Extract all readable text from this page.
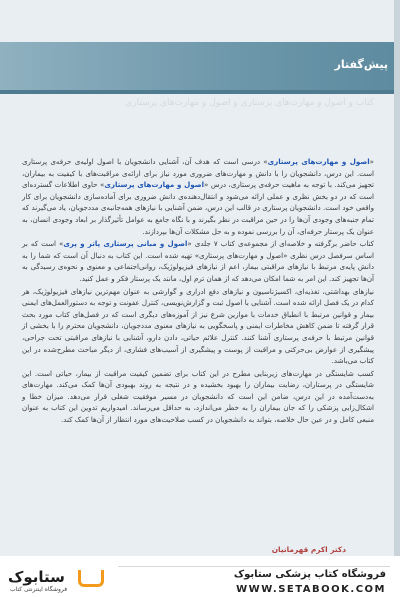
پیش‌گفتار
کتاب و اصول و مهارت‌های پرستاری و اصول و مهارت‌های پرستاری

«اصول و مهارت‌های پرستاری» درسی است که هدف آن، آشنایی دانشجویان با اصول اولیه‌ی حرفه‌ی پرستاری است. این درس، دانشجویان را با دانش و مهارت‌های ضروری مورد نیاز برای ارائه‌ی مراقبت‌های با کیفیت به بیماران، تجهیز می‌کند. با توجه به ماهیت حرفه‌ی پرستاری، درس «اصول و مهارت‌های پرستاری» حاوی اطلاعات گسترده‌ای است که در دو بخش نظری و عملی ارائه می‌شود و انتقال‌دهنده‌ی دانش ضروری برای آماده‌سازی دانشجویان برای کار واقعی خود است. دانشجویان پرستاری در قالب این درس، ضمن آشنایی با نیازهای همه‌جانبه‌ی مددجویان، یاد می‌گیرند که تمام جنبه‌های وجودی آن‌ها را در حین مراقبت در نظر بگیرند و با نگاه جامع به عوامل تأثیرگذار بر ابعاد وجودی انسان، به عنوان یک پرستار حرفه‌ای، آن را بررسی نموده و به حل مشکلات آن‌ها بپردازند.

کتاب حاضر برگرفته و خلاصه‌ای از مجموعه‌ی کتاب ۷ جلدی «اصول و مبانی پرستاری پاتر و پری» است که بر اساس سرفصل درس نظری «اصول و مهارت‌های پرستاری» تهیه شده است. این کتاب به دنبال آن است که شما را به دانش پایه‌ی مرتبط با نیازهای مراقبتی بیمار، اعم از نیازهای فیزیولوژیک، روانی‌اجتماعی و معنوی و نحوه‌ی رسیدگی به آن‌ها تجهیز کند. این امر به شما امکان می‌دهد که از همان ترم اول، مانند یک پرستار فکر و عمل کنید.

نیازهای بهداشتی، تغذیه‌ای، اکسیژناسیون و نیازهای دفع ادراری و گوارشی به عنوان مهم‌ترین نیازهای فیزیولوژیک، هر کدام در یک فصل ارائه شده است. آشنایی با اصول ثبت و گزارش‌نویسی، کنترل عفونت و توجه به دستورالعمل‌های ایمنی بیمار و قوانین مرتبط با انطباق خدمات با موازین شرع نیز از آموزه‌های دیگری است که در فصل‌های کتاب مورد بحث قرار گرفته تا ضمن کاهش مخاطرات ایمنی و پاسخگویی به نیازهای معنوی مددجویان، دانشجویان محترم را با بخشی از قوانین مرتبط با حرفه‌ی پرستاری آشنا کنند. کنترل علائم حیاتی، دادن دارو، آشنایی با نیازهای مراقبتی تحت جراحی، پیشگیری از عوارض بی‌حرکتی و مراقبت از پوست و پیشگیری از آسیب‌های فشاری، از دیگر مباحث مطرح‌شده در این کتاب می‌باشد.

کسب شایستگی در مهارت‌های زیربنایی مطرح در این کتاب برای تضمین کیفیت مراقبت از بیمار، حیاتی است. این شایستگی در پرستاران، رضایت بیماران را بهبود بخشیده و در نتیجه به روند بهبودی آن‌ها کمک می‌کند. مهارت‌های به‌دست‌آمده در این درس، ضامن این است که دانشجویان در مسیر موفقیت شغلی قرار می‌دهد. میزان خطا و اشکال‌زایی پزشکی را که جان بیماران را به خطر می‌اندازد، به حداقل می‌رساند. امیدواریم تدوین این کتاب به عنوان منبعی کامل و در عین حال خلاصه، بتواند به دانشجویان در کسب صلاحیت‌های مورد انتظار از آن‌ها کمک کند.

دکتر اکرم قهرمانیان
فروشگاه کتاب پزشکی ستابوک
WWW.SETABOOK.COM
ستابوک
فروشگاه اینترنتی کتاب
